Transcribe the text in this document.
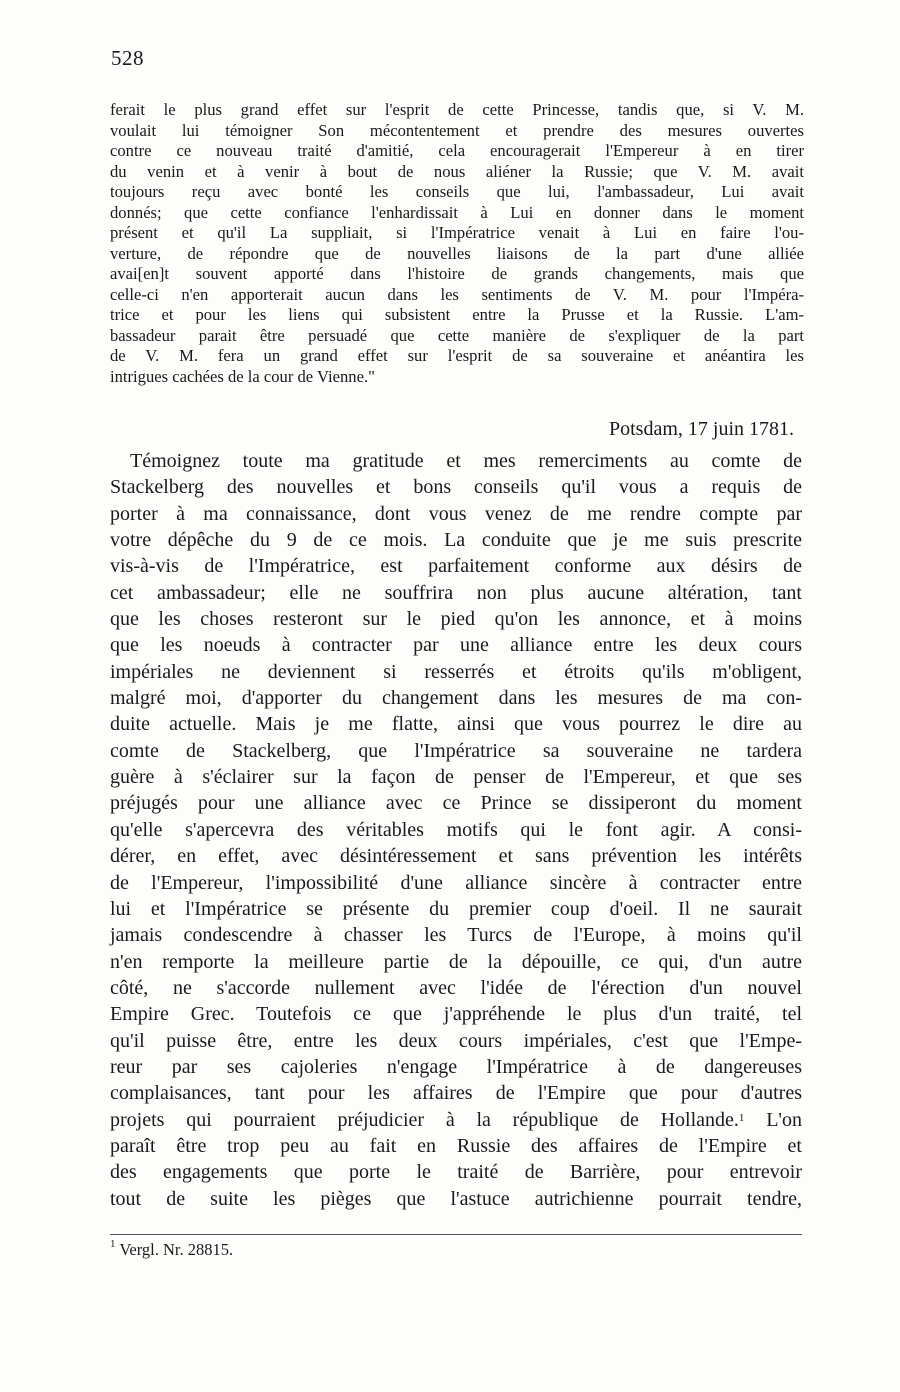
528
ferait le plus grand effet sur l'esprit de cette Princesse, tandis que, si V. M.
voulait lui témoigner Son mécontentement et prendre des mesures ouvertes
contre ce nouveau traité d'amitié, cela encouragerait l'Empereur à en tirer
du venin et à venir à bout de nous aliéner la Russie; que V. M. avait
toujours reçu avec bonté les conseils que lui, l'ambassadeur, Lui avait
donnés; que cette confiance l'enhardissait à Lui en donner dans le moment
présent et qu'il La suppliait, si l'Impératrice venait à Lui en faire l'ou-
verture, de répondre que de nouvelles liaisons de la part d'une alliée
avai[en]t souvent apporté dans l'histoire de grands changements, mais que
celle-ci n'en apporterait aucun dans les sentiments de V. M. pour l'Impéra-
trice et pour les liens qui subsistent entre la Prusse et la Russie. L'am-
bassadeur parait être persuadé que cette manière de s'expliquer de la part
de V. M. fera un grand effet sur l'esprit de sa souveraine et anéantira les
intrigues cachées de la cour de Vienne."
Potsdam, 17 juin 1781.
Témoignez toute ma gratitude et mes remerciments au comte de
Stackelberg des nouvelles et bons conseils qu'il vous a requis de
porter à ma connaissance, dont vous venez de me rendre compte par
votre dépêche du 9 de ce mois. La conduite que je me suis prescrite
vis-à-vis de l'Impératrice, est parfaitement conforme aux désirs de
cet ambassadeur; elle ne souffrira non plus aucune altération, tant
que les choses resteront sur le pied qu'on les annonce, et à moins
que les noeuds à contracter par une alliance entre les deux cours
impériales ne deviennent si resserrés et étroits qu'ils m'obligent,
malgré moi, d'apporter du changement dans les mesures de ma con-
duite actuelle. Mais je me flatte, ainsi que vous pourrez le dire au
comte de Stackelberg, que l'Impératrice sa souveraine ne tardera
guère à s'éclairer sur la façon de penser de l'Empereur, et que ses
préjugés pour une alliance avec ce Prince se dissiperont du moment
qu'elle s'apercevra des véritables motifs qui le font agir. A consi-
dérer, en effet, avec désintéressement et sans prévention les intérêts
de l'Empereur, l'impossibilité d'une alliance sincère à contracter entre
lui et l'Impératrice se présente du premier coup d'oeil. Il ne saurait
jamais condescendre à chasser les Turcs de l'Europe, à moins qu'il
n'en remporte la meilleure partie de la dépouille, ce qui, d'un autre
côté, ne s'accorde nullement avec l'idée de l'érection d'un nouvel
Empire Grec. Toutefois ce que j'appréhende le plus d'un traité, tel
qu'il puisse être, entre les deux cours impériales, c'est que l'Empe-
reur par ses cajoleries n'engage l'Impératrice à de dangereuses
complaisances, tant pour les affaires de l'Empire que pour d'autres
projets qui pourraient préjudicier à la république de Hollande.$^1$ L'on
paraît être trop peu au fait en Russie des affaires de l'Empire et
des engagements que porte le traité de Barrière, pour entrevoir
tout de suite les pièges que l'astuce autrichienne pourrait tendre,
$^1$ Vergl. Nr. 28815.
